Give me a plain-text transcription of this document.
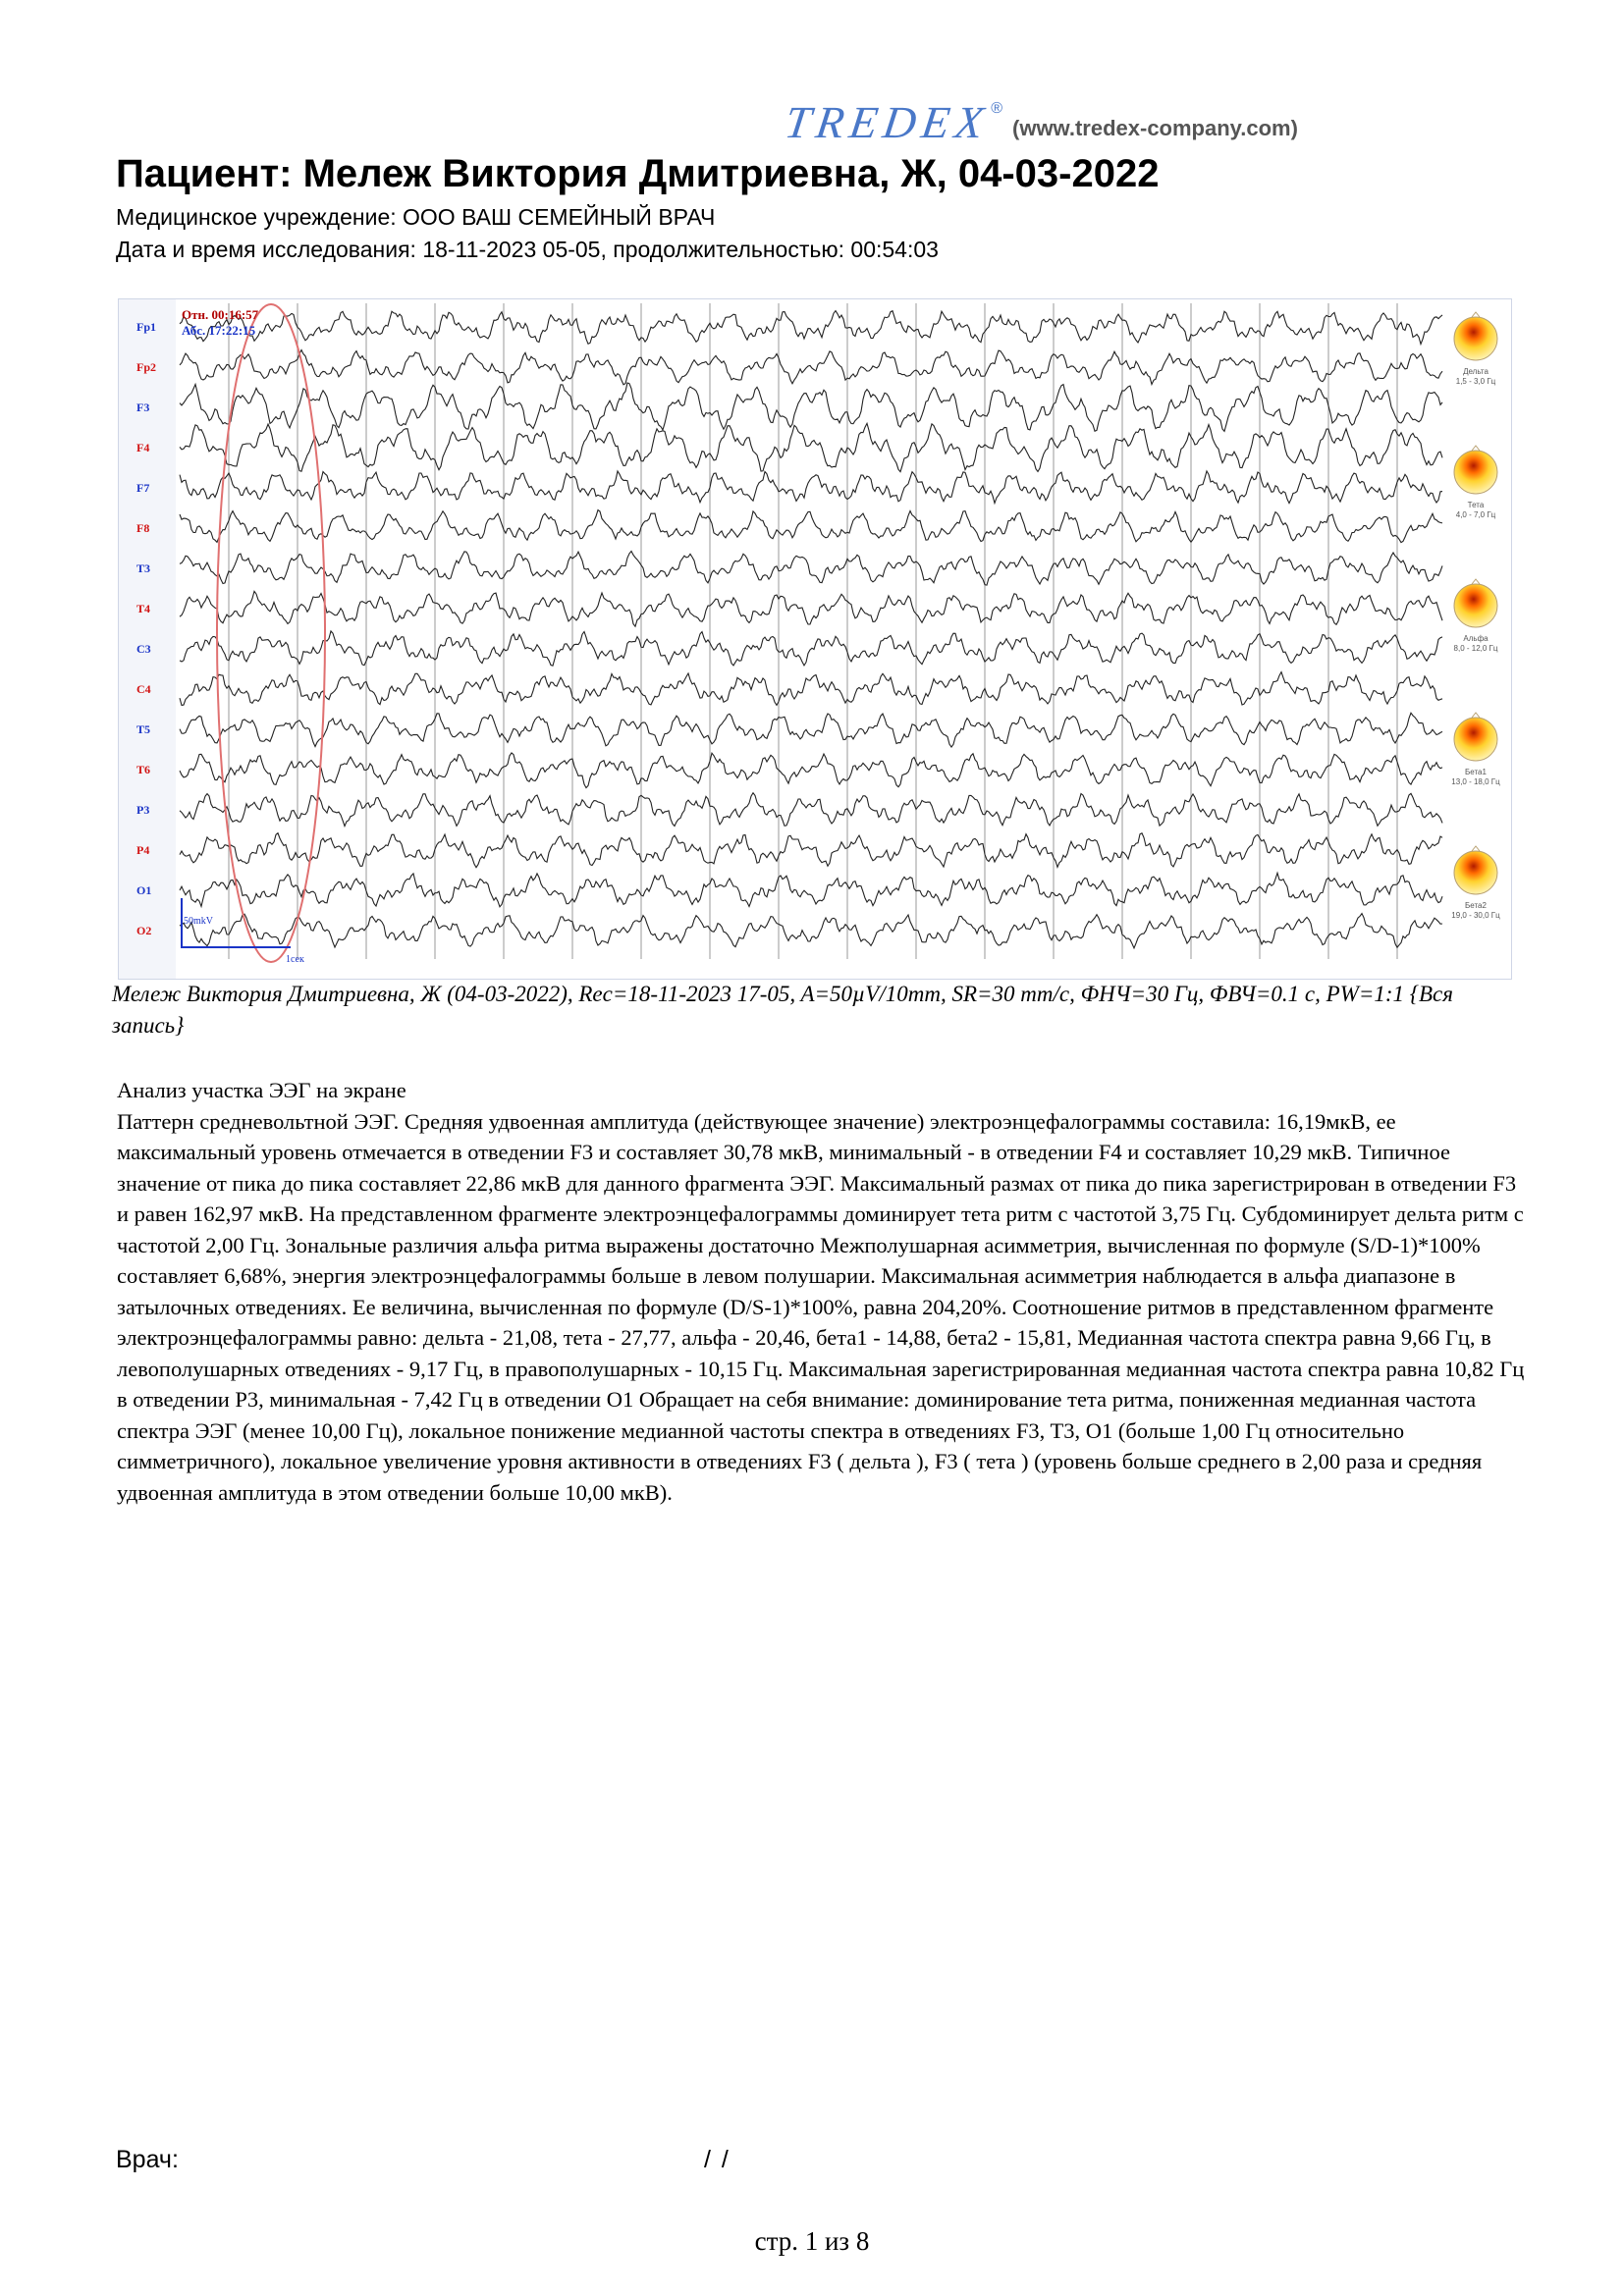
TREDEX
®
(www.tredex-company.com)
Пациент: Мележ Виктория Дмитриевна, Ж, 04-03-2022
Медицинское учреждение: ООО ВАШ СЕМЕЙНЫЙ ВРАЧ
Дата и время исследования: 18-11-2023 05-05, продолжительностью: 00:54:03
Fp1
Fp2
F3
F4
F7
F8
T3
T4
C3
C4
T5
T6
P3
P4
O1
O2
Отн. 00:16:57
Абс. 17:22:15
50mkV
1сек
Дельта
1,5 - 3,0 Гц
Тета
4,0 - 7,0 Гц
Альфа
8,0 - 12,0 Гц
Бета1
13,0 - 18,0 Гц
Бета2
19,0 - 30,0 Гц
Мележ Виктория Дмитриевна, Ж (04-03-2022), Rec=18-11-2023 17-05, A=50µV/10mm, SR=30 mm/c, ФНЧ=30 Гц, ФВЧ=0.1 c, PW=1:1 {Вся запись}

Анализ участка ЭЭГ на экране

Паттерн средневольтной ЭЭГ. Средняя удвоенная амплитуда (действующее значение) электроэнцефалограммы составила: 16,19мкВ, ее максимальный уровень отмечается в отведении F3 и составляет 30,78 мкВ, минимальный - в отведении F4 и составляет 10,29 мкВ. Типичное значение от пика до пика составляет 22,86 мкВ для данного фрагмента ЭЭГ. Максимальный размах от пика до пика зарегистрирован в отведении F3 и равен 162,97 мкВ. На представленном фрагменте электроэнцефалограммы доминирует тета ритм с частотой 3,75 Гц. Субдоминирует дельта ритм с частотой 2,00 Гц. Зональные различия альфа ритма выражены достаточно Межполушарная асимметрия, вычисленная по формуле (S/D-1)*100% составляет 6,68%, энергия электроэнцефалограммы больше в левом полушарии. Максимальная асимметрия наблюдается в альфа диапазоне в затылочных отведениях. Ее величина, вычисленная по формуле (D/S-1)*100%, равна 204,20%. Соотношение ритмов в представленном фрагменте электроэнцефалограммы равно: дельта - 21,08, тета - 27,77, альфа - 20,46, бета1 - 14,88, бета2 - 15,81, Медианная частота спектра равна 9,66 Гц, в левополушарных отведениях - 9,17 Гц, в правополушарных - 10,15 Гц. Максимальная зарегистрированная медианная частота спектра равна 10,82 Гц в отведении P3, минимальная - 7,42 Гц в отведении O1 Обращает на себя внимание: доминирование тета ритма, пониженная медианная частота спектра ЭЭГ (менее 10,00 Гц), локальное понижение медианной частоты спектра в отведениях F3, T3, O1 (больше 1,00 Гц относительно симметричного), локальное увеличение уровня активности в отведениях F3 ( дельта ), F3 ( тета ) (уровень больше среднего в 2,00 раза и средняя удвоенная амплитуда в этом отведении больше 10,00 мкВ).

Врач:	/ /
стр. 1 из 8
